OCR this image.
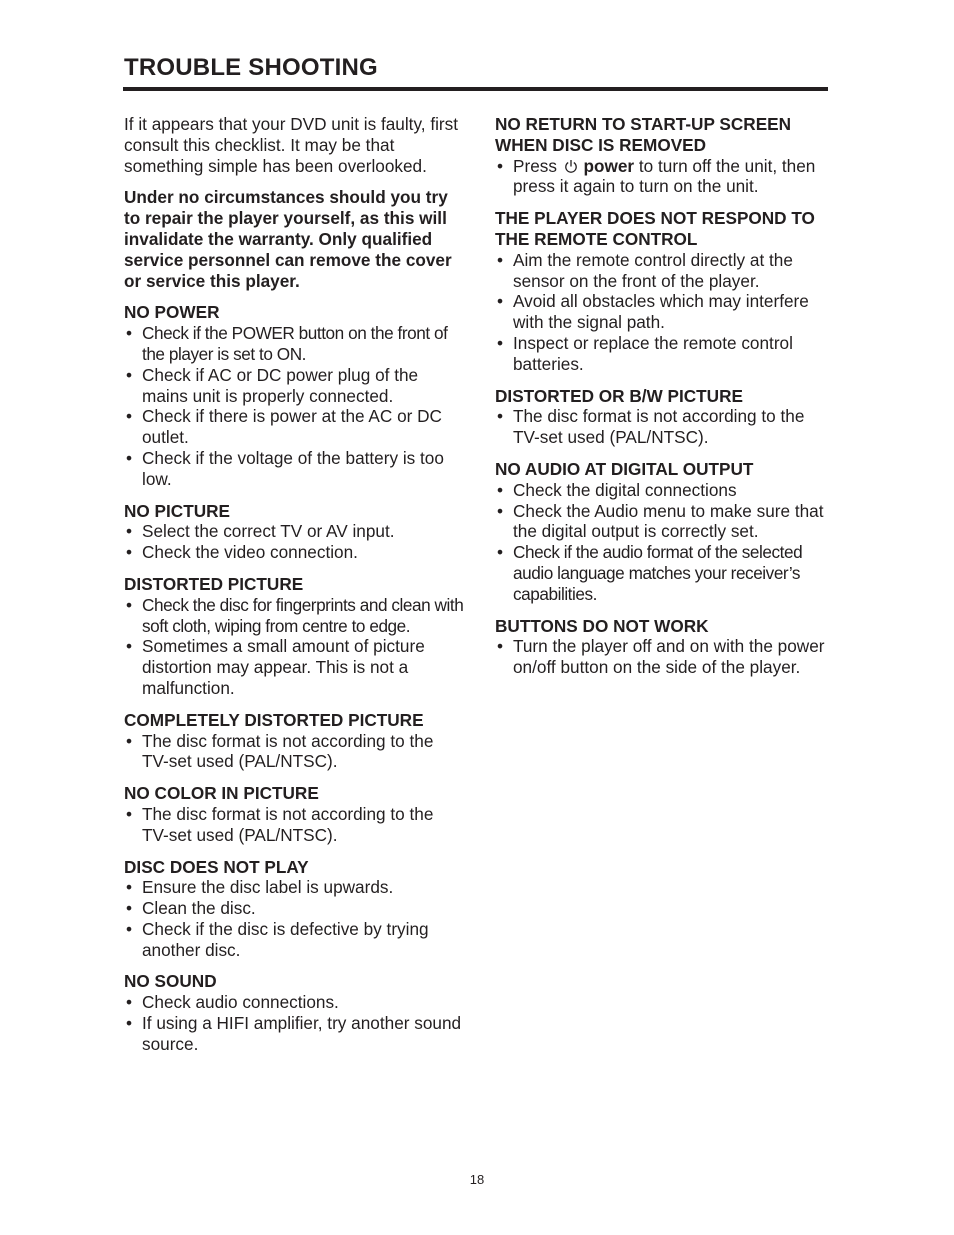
TROUBLE SHOOTING

If it appears that your DVD unit is faulty, first consult this checklist. It may be that something simple has been overlooked.

Under no circumstances should you try to repair the player yourself, as this will invalidate the warranty. Only qualified service personnel can remove the cover or service this player.

NO POWER

• Check if the POWER button on the front of the player is set to ON.
• Check if AC or DC power plug of the mains unit is properly connected.
• Check if there is power at the AC or DC outlet.
• Check if the voltage of the battery is too low.

NO PICTURE

• Select the correct TV or AV input.
• Check the video connection.

DISTORTED PICTURE

• Check the disc for fingerprints and clean with soft cloth, wiping from centre to edge.
• Sometimes a small amount of picture distortion may appear. This is not a malfunction.

COMPLETELY DISTORTED PICTURE

• The disc format is not according to the TV-set used (PAL/NTSC).

NO COLOR IN PICTURE

• The disc format is not according to the TV-set used (PAL/NTSC).

DISC DOES NOT PLAY

• Ensure the disc label is upwards.
• Clean the disc.
• Check if the disc is defective by trying another disc.

NO SOUND

• Check audio connections.
• If using a HIFI amplifier, try another sound source.

NO RETURN TO START-UP SCREEN WHEN DISC IS REMOVED

• Press power to turn off the unit, then press it again to turn on the unit.

THE PLAYER DOES NOT RESPOND TO THE REMOTE CONTROL

• Aim the remote control directly at the sensor on the front of the player.
• Avoid all obstacles which may interfere with the signal path.
• Inspect or replace the remote control batteries.

DISTORTED OR B/W PICTURE

• The disc format is not according to the TV-set used (PAL/NTSC).

NO AUDIO AT DIGITAL OUTPUT

• Check the digital connections
• Check the Audio menu to make sure that the digital output is correctly set.
• Check if the audio format of the selected audio language matches your receiver’s capabilities.

BUTTONS DO NOT WORK

• Turn the player off and on with the power on/off button on the side of the player.
18
